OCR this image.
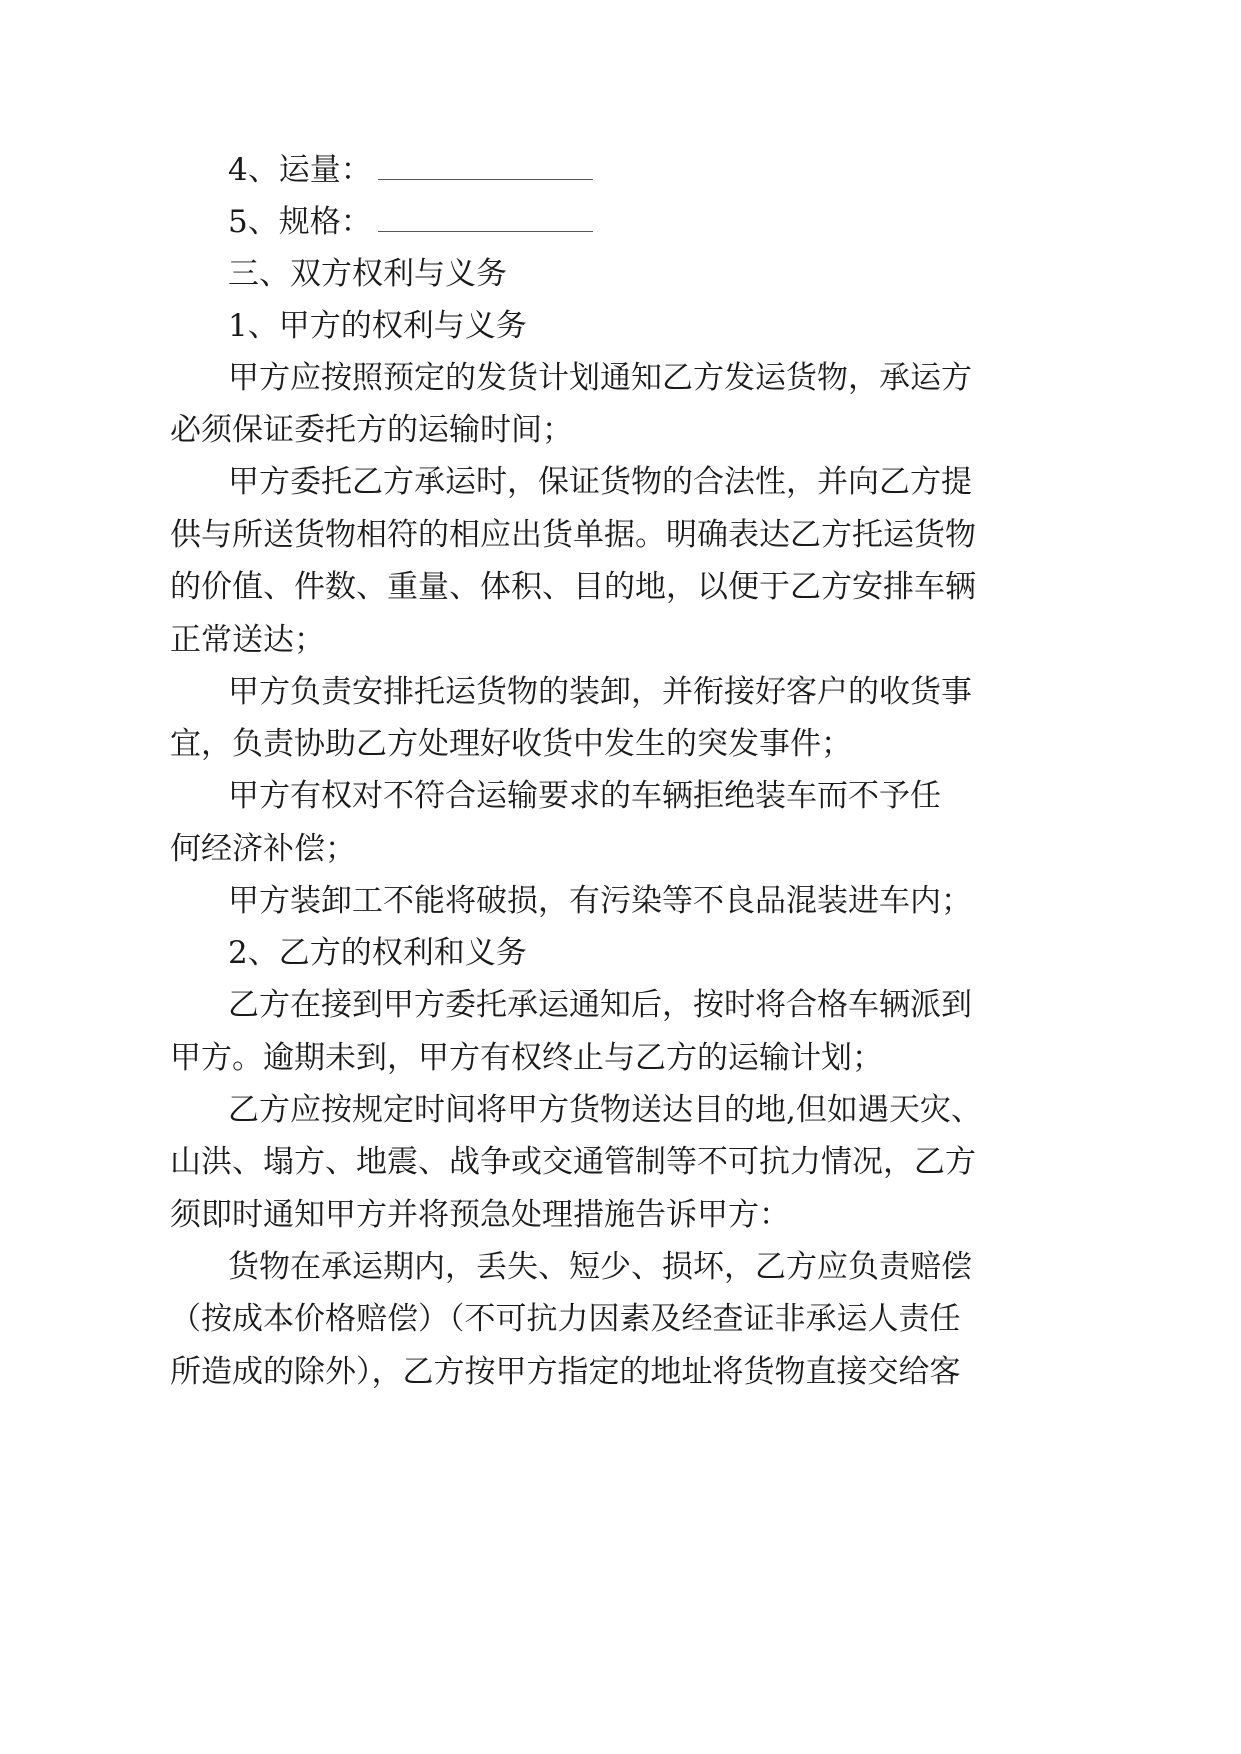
4、运量：
5、规格：
三、双方权利与义务
1、甲方的权利与义务
甲方应按照预定的发货计划通知乙方发运货物，承运方
必须保证委托方的运输时间；
甲方委托乙方承运时，保证货物的合法性，并向乙方提
供与所送货物相符的相应出货单据。明确表达乙方托运货物
的价值、件数、重量、体积、目的地，以便于乙方安排车辆
正常送达；
甲方负责安排托运货物的装卸，并衔接好客户的收货事
宜，负责协助乙方处理好收货中发生的突发事件；
甲方有权对不符合运输要求的车辆拒绝装车而不予任
何经济补偿；
甲方装卸工不能将破损，有污染等不良品混装进车内；
2、乙方的权利和义务
乙方在接到甲方委托承运通知后，按时将合格车辆派到
甲方。逾期未到，甲方有权终止与乙方的运输计划；
乙方应按规定时间将甲方货物送达目的地,但如遇天灾、
山洪、塌方、地震、战争或交通管制等不可抗力情况，乙方
须即时通知甲方并将预急处理措施告诉甲方：
货物在承运期内，丢失、短少、损坏，乙方应负责赔偿
（按成本价格赔偿）（不可抗力因素及经查证非承运人责任
所造成的除外），乙方按甲方指定的地址将货物直接交给客
